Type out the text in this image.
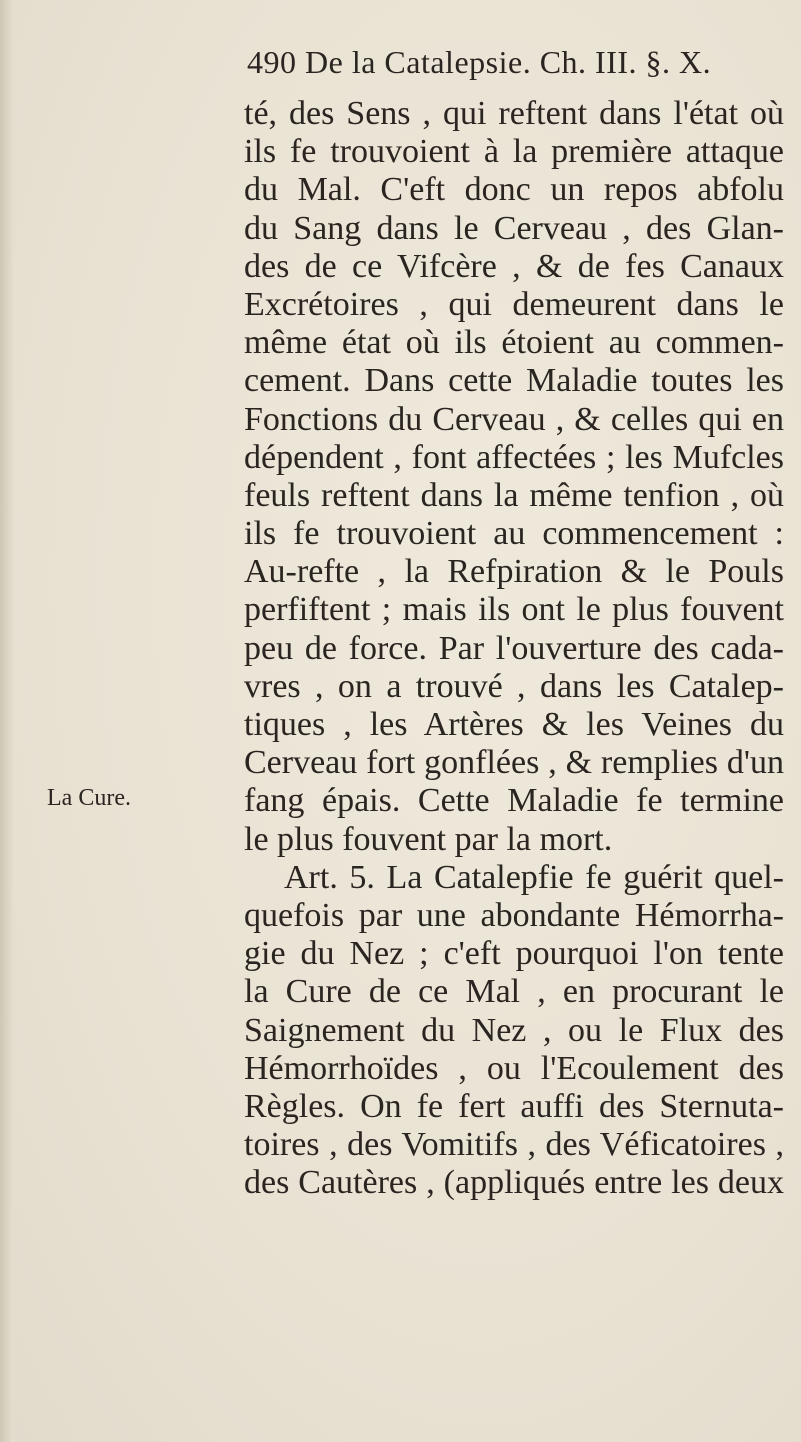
490 De la Catalepsie. Ch. III. §. X.
La Cure.
té, des Sens , qui reftent dans l'état où
ils fe trouvoient à la première attaque
du Mal. C'eft donc un repos abfolu
du Sang dans le Cerveau , des Glan-
des de ce Vifcère , & de fes Canaux
Excrétoires , qui demeurent dans le
même état où ils étoient au commen-
cement. Dans cette Maladie toutes les
Fonctions du Cerveau , & celles qui en
dépendent , font affectées ; les Mufcles
feuls reftent dans la même tenfion , où
ils fe trouvoient au commencement :
Au-refte , la Refpiration & le Pouls
perfiftent ; mais ils ont le plus fouvent
peu de force. Par l'ouverture des cada-
vres , on a trouvé , dans les Catalep-
tiques , les Artères & les Veines du
Cerveau fort gonflées , & remplies d'un
fang épais. Cette Maladie fe termine
le plus fouvent par la mort.
Art. 5. La Catalepfie fe guérit quel-
quefois par une abondante Hémorrha-
gie du Nez ; c'eft pourquoi l'on tente
la Cure de ce Mal , en procurant le
Saignement du Nez , ou le Flux des
Hémorrhoïdes , ou l'Ecoulement des
Règles. On fe fert auffi des Sternuta-
toires , des Vomitifs , des Véficatoires ,
des Cautères , (appliqués entre les deux
